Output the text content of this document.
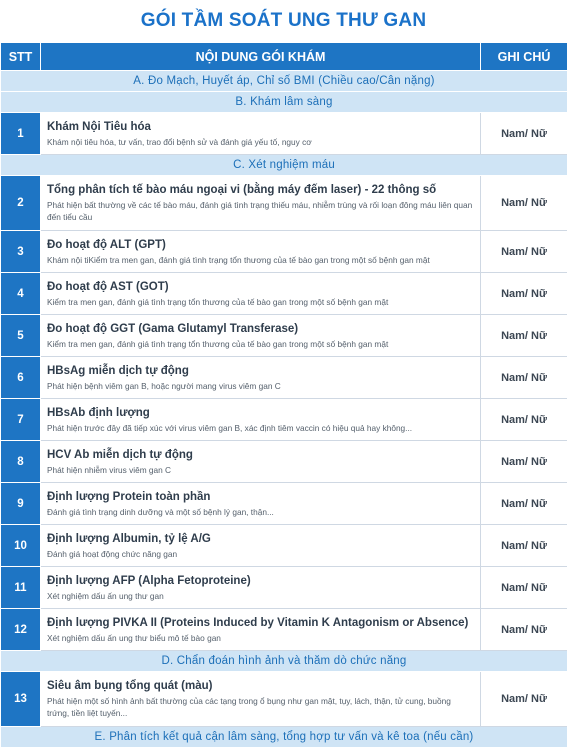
GÓI TẦM SOÁT UNG THƯ GAN
STT	NỘI DUNG GÓI KHÁM	GHI CHÚ
A. Đo Mạch, Huyết áp, Chỉ số BMI (Chiều cao/Cân nặng)		
B. Khám lâm sàng		
1	Khám Nội Tiêu hóa
Khám nội tiêu hóa, tư vấn, trao đổi bệnh sử và đánh giá yếu tố, nguy cơ	Nam/ Nữ
C. Xét nghiệm máu		
2	Tổng phân tích tế bào máu ngoại vi (bằng máy đếm laser) - 22 thông số
Phát hiện bất thường về các tế bào máu, đánh giá tình trạng thiếu máu, nhiễm trùng và rối loạn đông máu liên quan đến tiểu cầu	Nam/ Nữ
3	Đo hoạt độ ALT (GPT)
Khám nội tiKiểm tra men gan, đánh giá tình trạng tổn thương của tế bào gan trong một số bệnh gan mật	Nam/ Nữ
4	Đo hoạt độ AST (GOT)
Kiểm tra men gan, đánh giá tình trạng tổn thương của tế bào gan trong một số bệnh gan mật	Nam/ Nữ
5	Đo hoạt độ GGT (Gama Glutamyl Transferase)
Kiểm tra men gan, đánh giá tình trạng tổn thương của tế bào gan trong một số bệnh gan mật	Nam/ Nữ
6	HBsAg miễn dịch tự động
Phát hiện bệnh viêm gan B, hoặc người mang virus viêm gan C	Nam/ Nữ
7	HBsAb định lượng
Phát hiện trước đây đã tiếp xúc với virus viêm gan B, xác định tiêm vaccin có hiệu quả hay không...	Nam/ Nữ
8	HCV Ab miễn dịch tự động
Phát hiện nhiễm virus viêm gan C	Nam/ Nữ
9	Định lượng Protein toàn phần
Đánh giá tình trạng dinh dưỡng và một số bệnh lý gan, thận...	Nam/ Nữ
10	Định lượng Albumin, tỷ lệ A/G
Đánh giá hoạt động chức năng gan	Nam/ Nữ
11	Định lượng AFP (Alpha Fetoproteine)
Xét nghiệm dấu ấn ung thư gan	Nam/ Nữ
12	Định lượng PIVKA II (Proteins Induced by Vitamin K Antagonism or Absence)
Xét nghiệm dấu ấn ung thư biểu mô tế bào gan	Nam/ Nữ
D. Chẩn đoán hình ảnh và thăm dò chức năng		
13	Siêu âm bụng tổng quát (màu)
Phát hiện một số hình ảnh bất thường của các tạng trong ổ bụng như gan mật, tụy, lách, thận, tử cung, buồng trứng, tiền liệt tuyến...	Nam/ Nữ
E. Phân tích kết quả cận lâm sàng, tổng hợp tư vấn và kê toa (nếu cần)		
